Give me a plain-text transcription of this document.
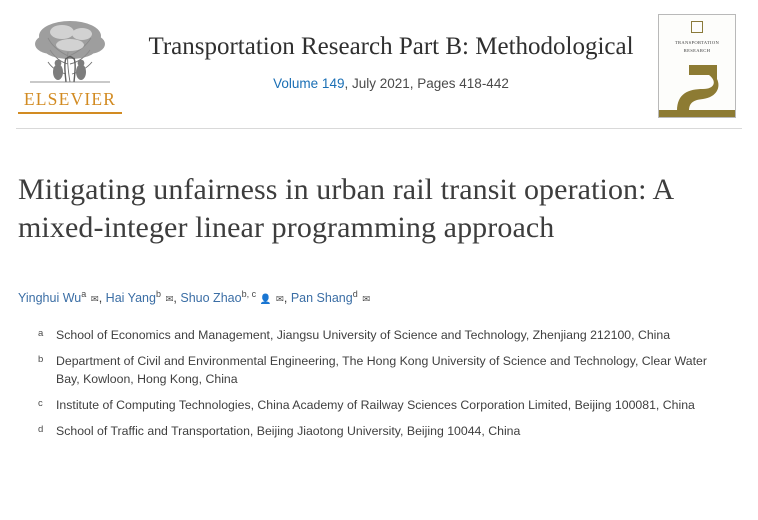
ELSEVIER
Transportation Research Part B: Methodological
Volume 149, July 2021, Pages 418-442
TRANSPORTATION
RESEARCH
Mitigating unfairness in urban rail transit operation: A mixed-integer linear programming approach
Yinghui Wu$^a$ ✉, Hai Yang$^b$ ✉, Shuo Zhao$^{b, c}$ 👤 ✉, Pan Shang$^d$ ✉
a	School of Economics and Management, Jiangsu University of Science and Technology, Zhenjiang 212100, China
b	Department of Civil and Environmental Engineering, The Hong Kong University of Science and Technology, Clear Water Bay, Kowloon, Hong Kong, China
c	Institute of Computing Technologies, China Academy of Railway Sciences Corporation Limited, Beijing 100081, China
d	School of Traffic and Transportation, Beijing Jiaotong University, Beijing 10044, China
